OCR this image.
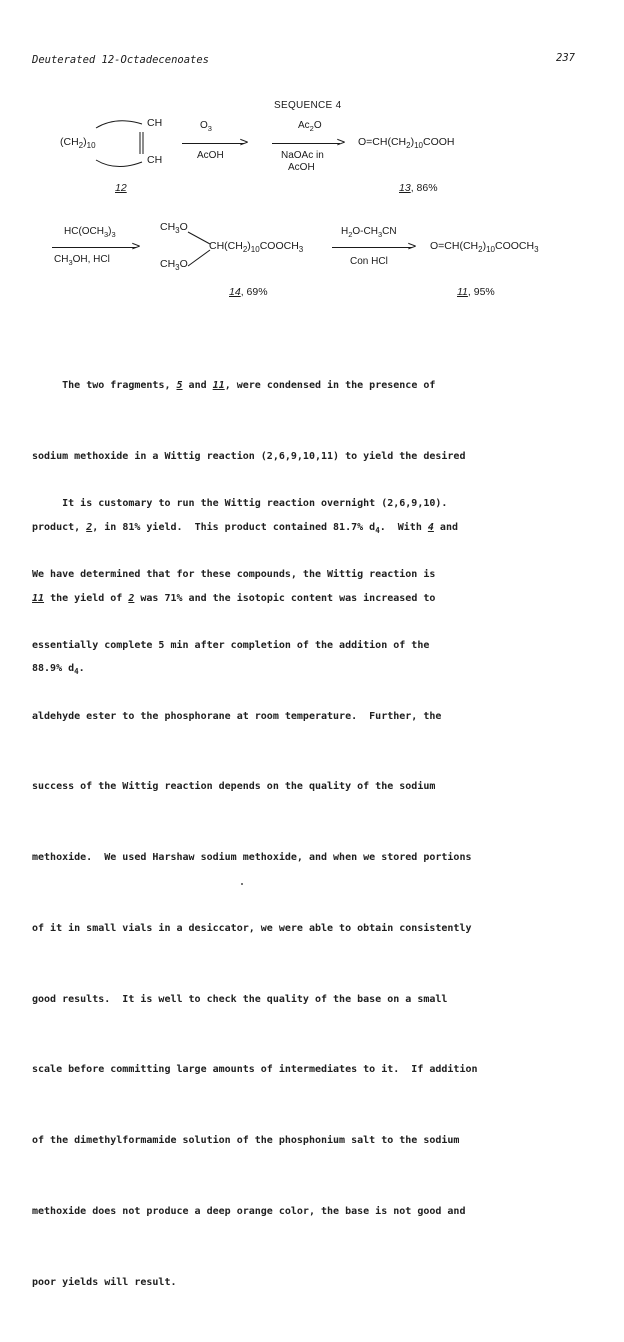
Deuterated 12-Octadecenoates	237
SEQUENCE 4
$(CH_2)_{10}$
CH
CH
12
$O_3$
>
AcOH
$Ac_2O$
>
NaOAc in
AcOH
$O=CH(CH_2)_{10}COOH$
13, 86%
$HC(OCH_3)_3$
>
$CH_3OH$, HCl
$CH_3O$
$CH_3O$
$CH(CH_2)_{10}COOCH_3$
14, 69%
$H_2O-CH_3CN$
>
Con HCl
$O=CH(CH_2)_{10}COOCH_3$
11, 95%

The two fragments, 5 and 11, were condensed in the presence of

sodium methoxide in a Wittig reaction (2,6,9,10,11) to yield the desired

product, 2, in 81% yield.  This product contained 81.7% $d_4$.  With 4 and

11 the yield of 2 was 71% and the isotopic content was increased to

88.9% $d_4$.

It is customary to run the Wittig reaction overnight (2,6,9,10).

We have determined that for these compounds, the Wittig reaction is

essentially complete 5 min after completion of the addition of the

aldehyde ester to the phosphorane at room temperature.  Further, the

success of the Wittig reaction depends on the quality of the sodium

methoxide.  We used Harshaw sodium methoxide, and when we stored portions

of it in small vials in a desiccator, we were able to obtain consistently

good results.  It is well to check the quality of the base on a small

scale before committing large amounts of intermediates to it.  If addition

of the dimethylformamide solution of the phosphonium salt to the sodium

methoxide does not produce a deep orange color, the base is not good and

poor yields will result.
